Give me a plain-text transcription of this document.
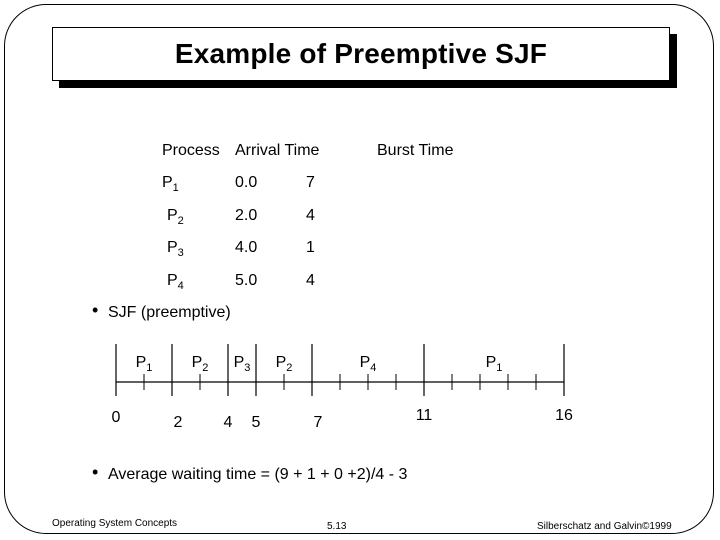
Example of Preemptive SJF
Process Arrival Time	Burst Time
$P_1$	0.0	7
$P_2$	2.0	4
$P_3$	4.0	1
$P_4$	5.0	4
• SJF (preemptive)
$P_1$ $P_2$ $P_3$ $P_2$	$P_4$	$P_1$
0	2	4 5	7	11	16
• Average waiting time = (9 + 1 + 0 +2)/4 - 3
Operating System Concepts	5.13	Silberschatz and Galvin©1999
